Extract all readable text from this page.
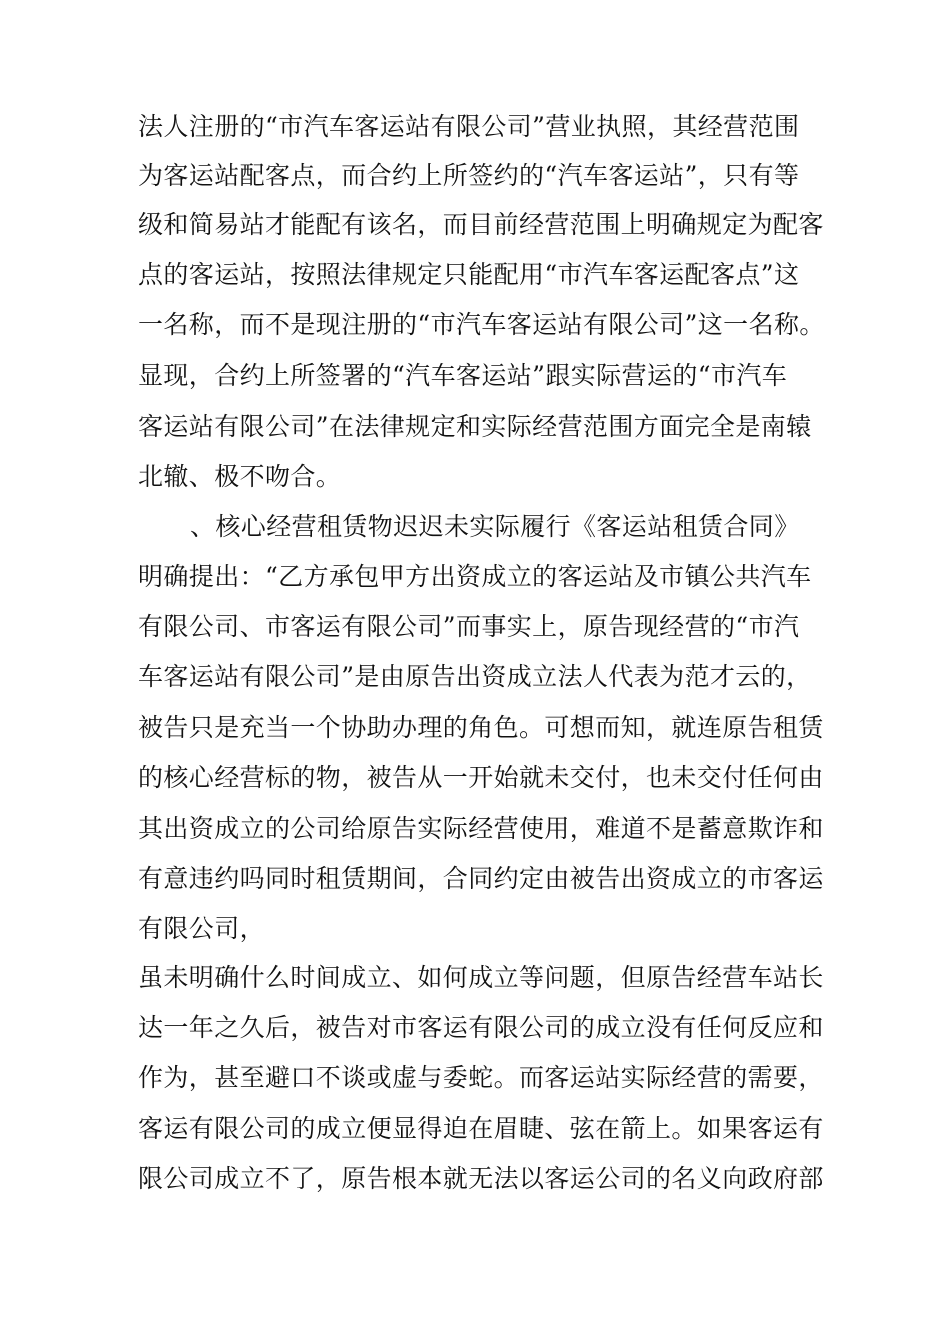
法人注册的“市汽车客运站有限公司”营业执照，其经营范围

为客运站配客点，而合约上所签约的“汽车客运站”，只有等

级和简易站才能配有该名，而目前经营范围上明确规定为配客

点的客运站，按照法律规定只能配用“市汽车客运配客点”这

一名称，而不是现注册的“市汽车客运站有限公司”这一名称。

显现，合约上所签署的“汽车客运站”跟实际营运的“市汽车

客运站有限公司”在法律规定和实际经营范围方面完全是南辕

北辙、极不吻合。

、核心经营租赁物迟迟未实际履行《客运站租赁合同》

明确提出：“乙方承包甲方出资成立的客运站及市镇公共汽车

有限公司、市客运有限公司”而事实上，原告现经营的“市汽

车客运站有限公司”是由原告出资成立法人代表为范才云的，

被告只是充当一个协助办理的角色。可想而知，就连原告租赁

的核心经营标的物，被告从一开始就未交付，也未交付任何由

其出资成立的公司给原告实际经营使用，难道不是蓄意欺诈和

有意违约吗同时租赁期间，合同约定由被告出资成立的市客运

有限公司，

虽未明确什么时间成立、如何成立等问题，但原告经营车站长

达一年之久后，被告对市客运有限公司的成立没有任何反应和

作为，甚至避口不谈或虚与委蛇。而客运站实际经营的需要，

客运有限公司的成立便显得迫在眉睫、弦在箭上。如果客运有

限公司成立不了，原告根本就无法以客运公司的名义向政府部
